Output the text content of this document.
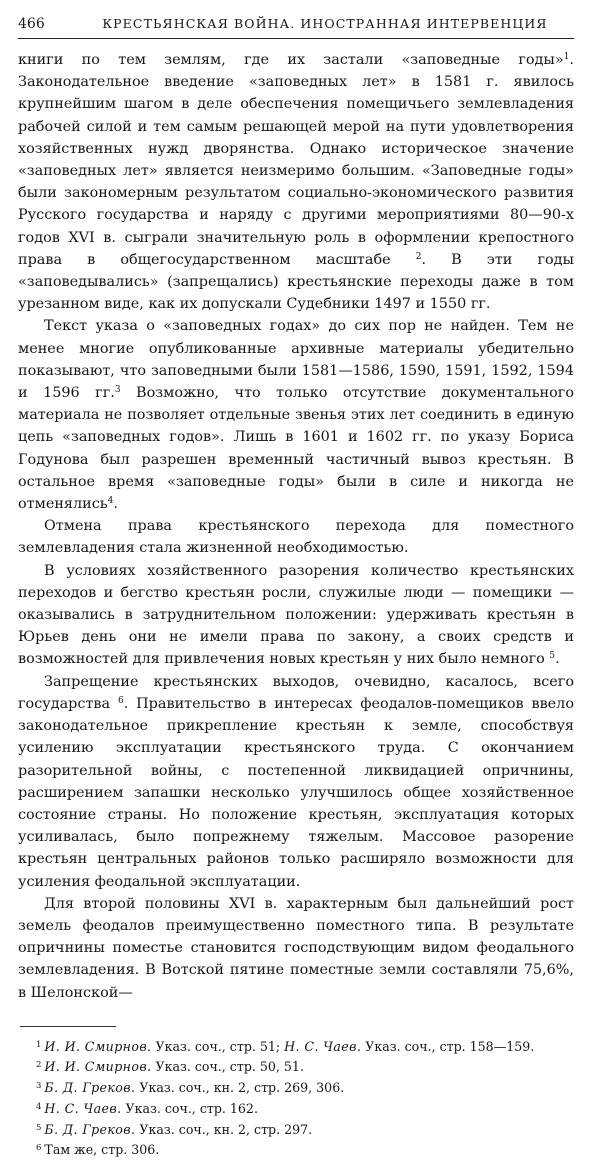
466	КРЕСТЬЯНСКАЯ ВОЙНА. ИНОСТРАННАЯ ИНТЕРВЕНЦИЯ

книги по тем землям, где их застали «заповедные годы»$^1$. Законодательное введение «заповедных лет» в 1581 г. явилось крупнейшим шагом в деле обеспечения помещичьего землевладения рабочей силой и тем самым решающей мерой на пути удовлетворения хозяйственных нужд дворянства. Однако историческое значение «заповедных лет» является неизмеримо большим. «Заповедные годы» были закономерным результатом социально-экономического развития Русского государства и наряду с другими мероприятиями 80—90-х годов XVI в. сыграли значительную роль в оформлении крепостного права в общегосударственном масштабе $^2$. В эти годы «заповедывались» (запрещались) крестьянские переходы даже в том урезанном виде, как их допускали Судебники 1497 и 1550 гг.

Текст указа о «заповедных годах» до сих пор не найден. Тем не менее многие опубликованные архивные материалы убедительно показывают, что заповедными были 1581—1586, 1590, 1591, 1592, 1594 и 1596 гг.$^3$ Возможно, что только отсутствие документального материала не позволяет отдельные звенья этих лет соединить в единую цепь «заповедных годов». Лишь в 1601 и 1602 гг. по указу Бориса Годунова был разрешен временный частичный вывоз крестьян. В остальное время «заповедные годы» были в силе и никогда не отменялись$^4$.

Отмена права крестьянского перехода для поместного землевладения стала жизненной необходимостью.

В условиях хозяйственного разорения количество крестьянских переходов и бегство крестьян росли, служилые люди — помещики — оказывались в затруднительном положении: удерживать крестьян в Юрьев день они не имели права по закону, а своих средств и возможностей для привлечения новых крестьян у них было немного $^5$.

Запрещение крестьянских выходов, очевидно, касалось, всего государства $^6$. Правительство в интересах феодалов-помещиков ввело законодательное прикрепление крестьян к земле, способствуя усилению эксплуатации крестьянского труда. С окончанием разорительной войны, с постепенной ликвидацией опричнины, расширением запашки несколько улучшилось общее хозяйственное состояние страны. Но положение крестьян, эксплуатация которых усиливалась, было попрежнему тяжелым. Массовое разорение крестьян центральных районов только расширяло возможности для усиления феодальной эксплуатации.

Для второй половины XVI в. характерным был дальнейший рост земель феодалов преимущественно поместного типа. В результате опричнины поместье становится господствующим видом феодального землевладения. В Вотской пятине поместные земли составляли 75,6%, в Шелонской—

$^1$ И. И. Смирнов. Указ. соч., стр. 51; Н. С. Чаев. Указ. соч., стр. 158—159.
$^2$ И. И. Смирнов. Указ. соч., стр. 50, 51.
$^3$ Б. Д. Греков. Указ. соч., кн. 2, стр. 269, 306.
$^4$ Н. С. Чаев. Указ. соч., стр. 162.
$^5$ Б. Д. Греков. Указ. соч., кн. 2, стр. 297.
$^6$ Там же, стр. 306.
